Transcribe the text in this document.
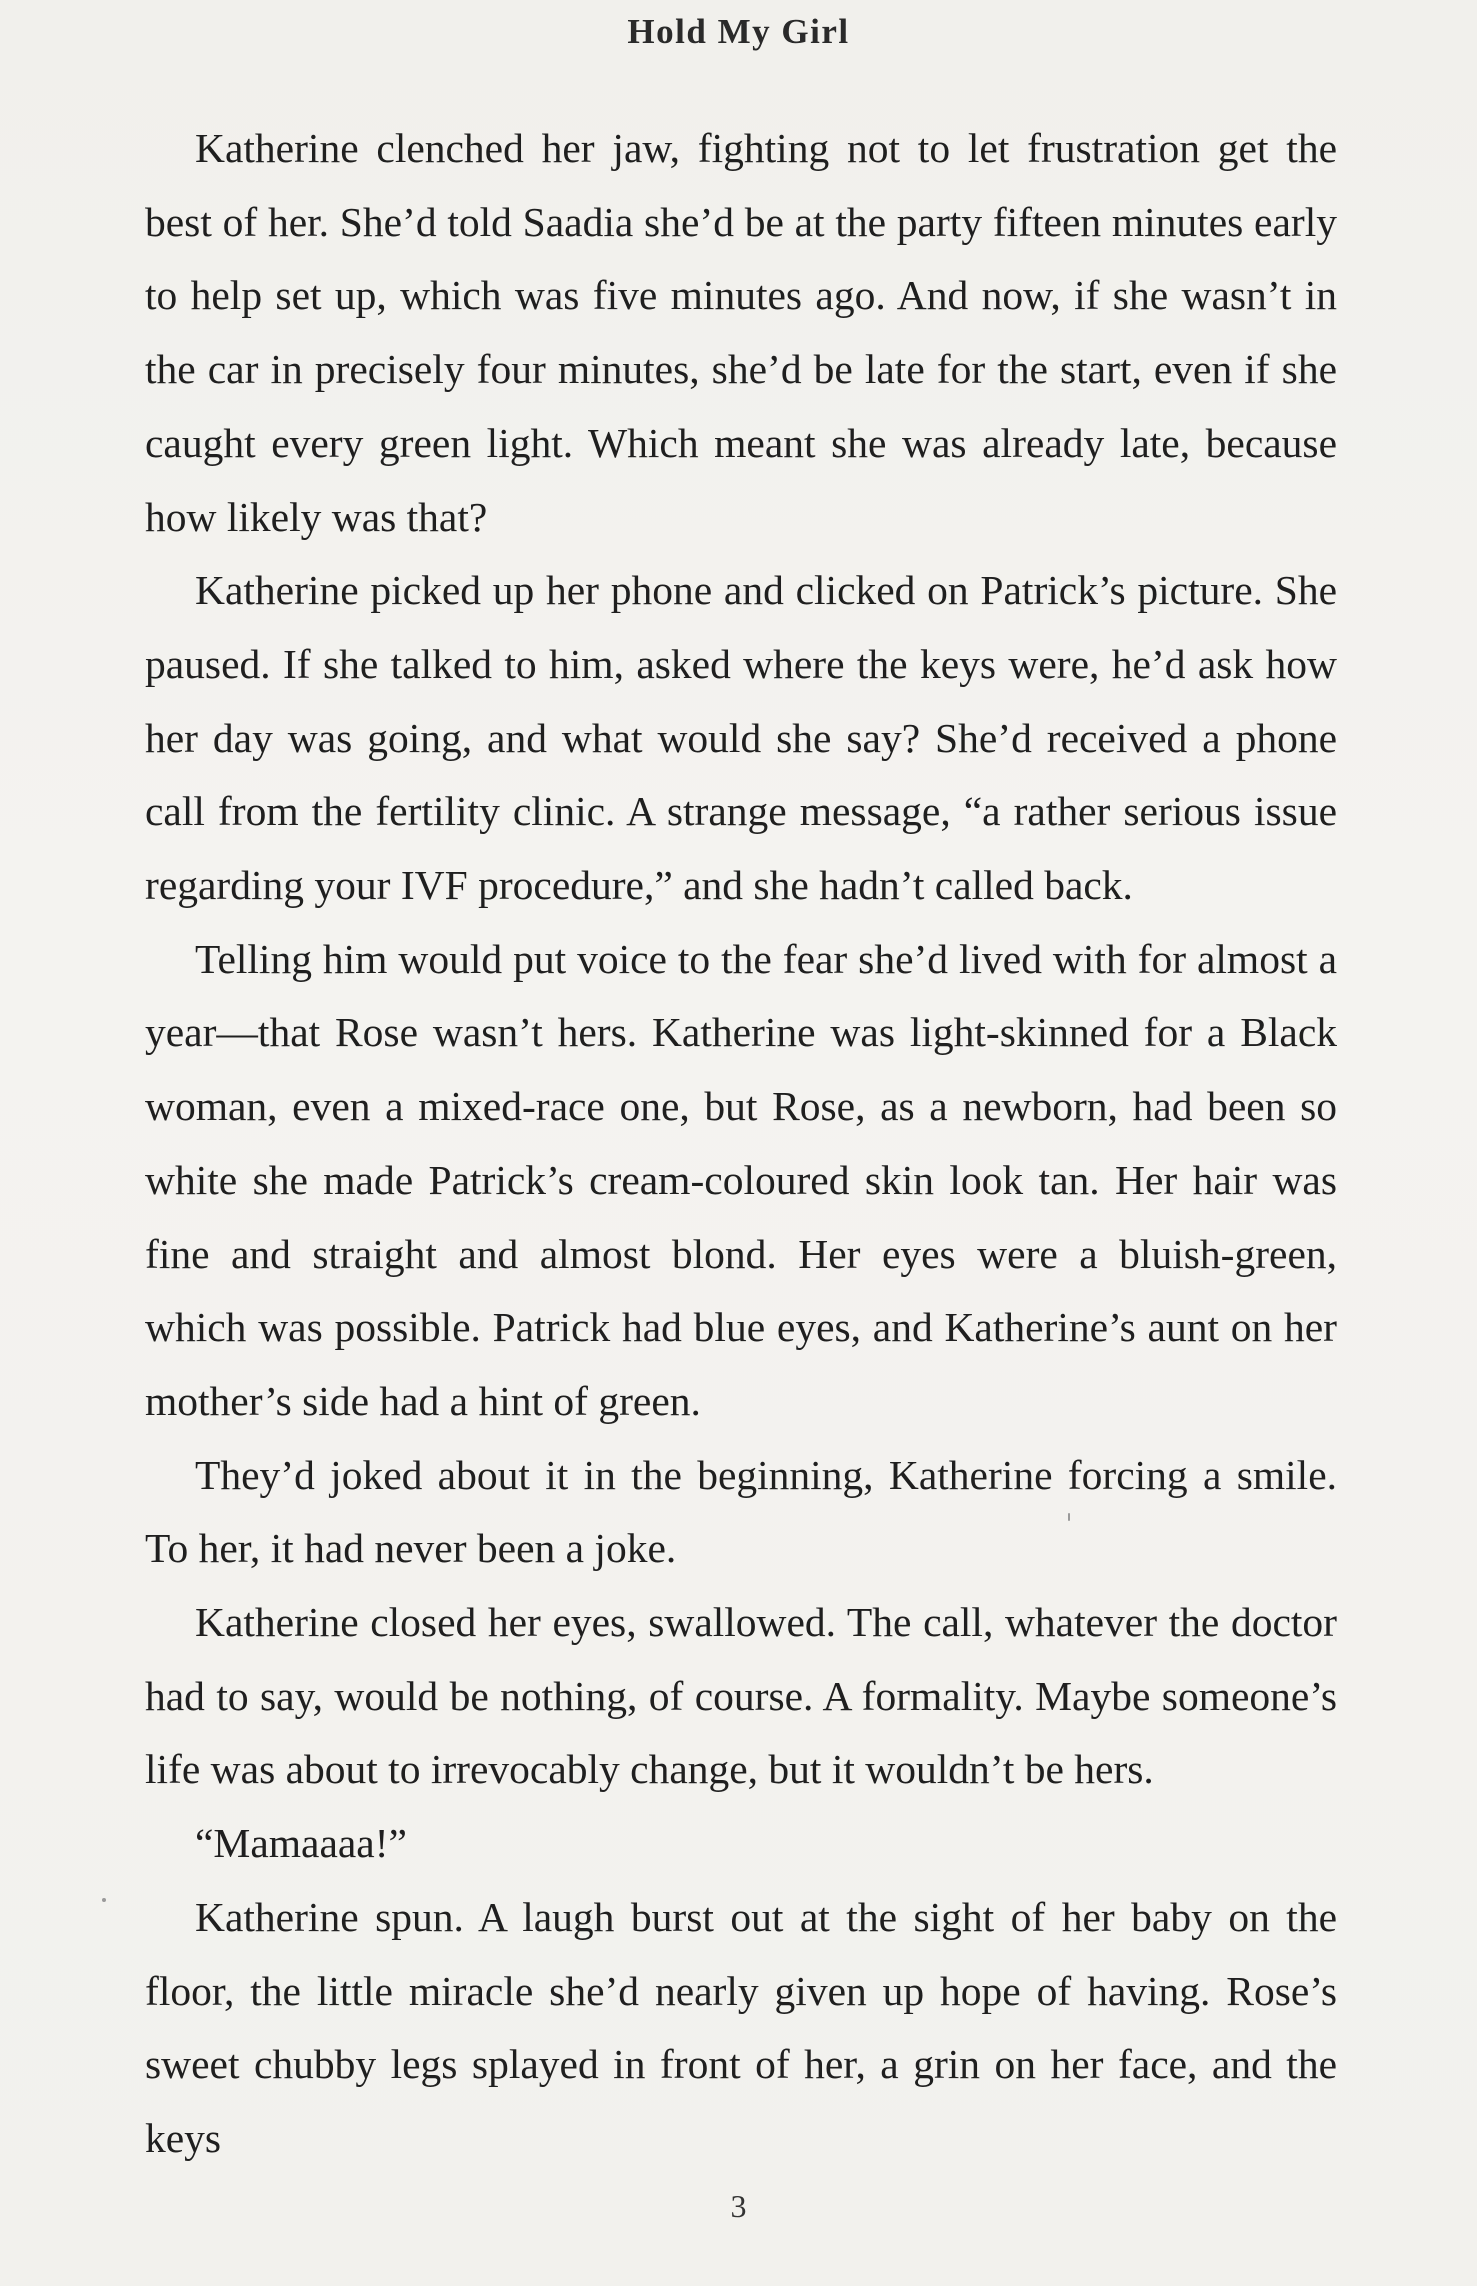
Hold My Girl

Katherine clenched her jaw, fighting not to let frustration get the best of her. She’d told Saadia she’d be at the party fifteen minutes early to help set up, which was five minutes ago. And now, if she wasn’t in the car in precisely four minutes, she’d be late for the start, even if she caught every green light. Which meant she was already late, because how likely was that?

Katherine picked up her phone and clicked on Patrick’s picture. She paused. If she talked to him, asked where the keys were, he’d ask how her day was going, and what would she say? She’d received a phone call from the fertility clinic. A strange message, “a rather serious issue regarding your IVF procedure,” and she hadn’t called back.

Telling him would put voice to the fear she’d lived with for almost a year—that Rose wasn’t hers. Katherine was light-skinned for a Black woman, even a mixed-race one, but Rose, as a newborn, had been so white she made Patrick’s cream-coloured skin look tan. Her hair was fine and straight and almost blond. Her eyes were a bluish-green, which was possible. Patrick had blue eyes, and Katherine’s aunt on her mother’s side had a hint of green.

They’d joked about it in the beginning, Katherine forcing a smile. To her, it had never been a joke.

Katherine closed her eyes, swallowed. The call, whatever the doctor had to say, would be nothing, of course. A formality. Maybe someone’s life was about to irrevocably change, but it wouldn’t be hers.

“Mamaaaa!”

Katherine spun. A laugh burst out at the sight of her baby on the floor, the little miracle she’d nearly given up hope of having. Rose’s sweet chubby legs splayed in front of her, a grin on her face, and the keys

3
